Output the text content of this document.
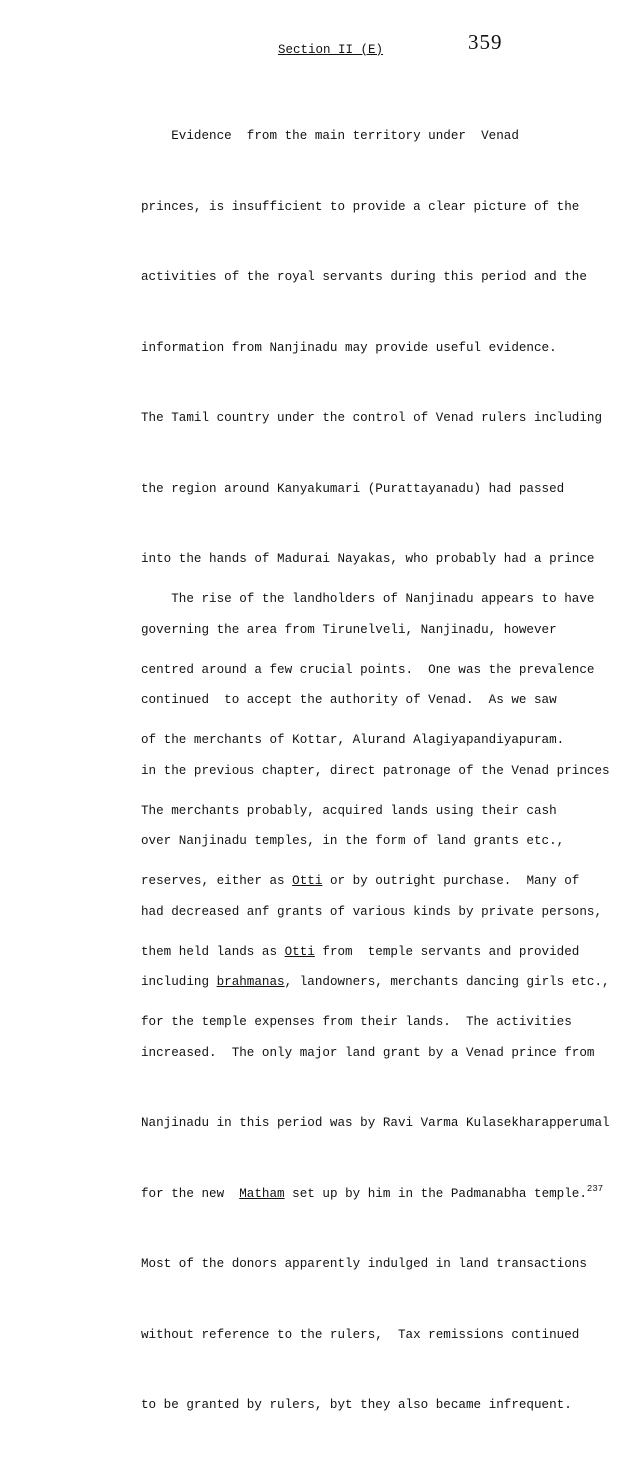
359
Section II (E)

Evidence  from the main territory under  Venad

princes, is insufficient to provide a clear picture of the

activities of the royal servants during this period and the

information from Nanjinadu may provide useful evidence.

The Tamil country under the control of Venad rulers including

the region around Kanyakumari (Purattayanadu) had passed

into the hands of Madurai Nayakas, who probably had a prince

governing the area from Tirunelveli, Nanjinadu, however

continued  to accept the authority of Venad.  As we saw

in the previous chapter, direct patronage of the Venad princes

over Nanjinadu temples, in the form of land grants etc.,

had decreased anf grants of various kinds by private persons,

including brahmanas, landowners, merchants dancing girls etc.,

increased.  The only major land grant by a Venad prince from

Nanjinadu in this period was by Ravi Varma Kulasekharapperumal

for the new  Matham set up by him in the Padmanabha temple.$^{237}$

Most of the donors apparently indulged in land transactions

without reference to the rulers,  Tax remissions continued

to be granted by rulers, byt they also became infrequent.

The rise of the landholders of Nanjinadu appears to have

centred around a few crucial points.  One was the prevalence

of the merchants of Kottar, Alurand Alagiyapandiyapuram.

The merchants probably, acquired lands using their cash

reserves, either as Otti or by outright purchase.  Many of

them held lands as Otti from  temple servants and provided

for the temple expenses from their lands.  The activities
